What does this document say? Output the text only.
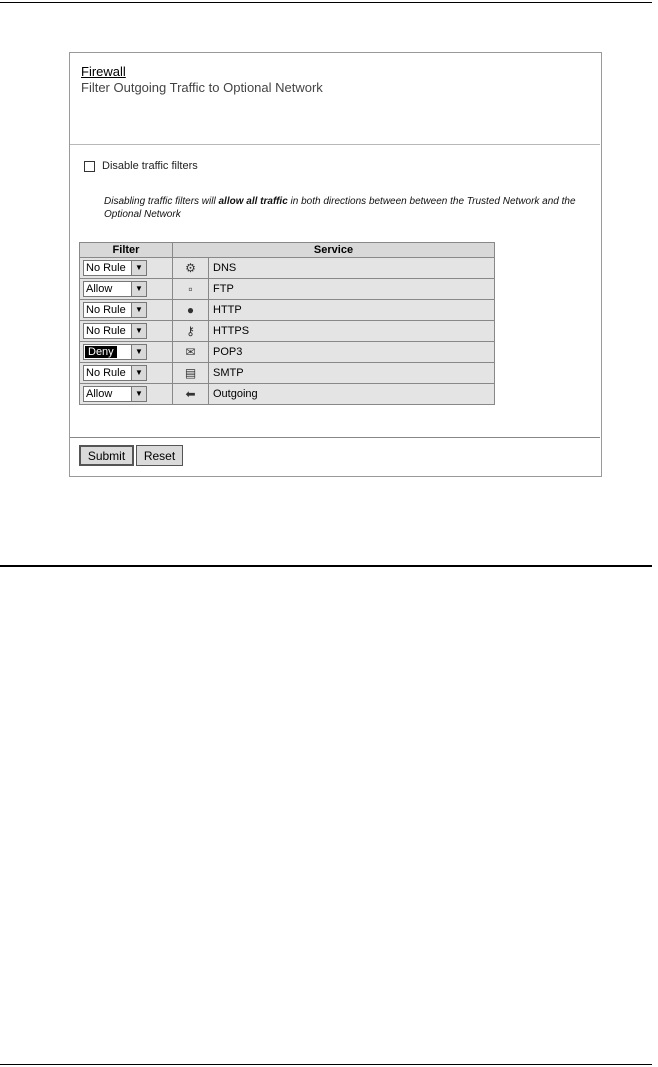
Firewall
Filter Outgoing Traffic to Optional Network
Disable traffic filters
Disabling traffic filters will allow all traffic in both directions between between the Trusted Network and the Optional Network
Filter	Service	

No Rule ▼	⚙	DNS

Allow ▼	▫	FTP

No Rule ▼	●	HTTP

No Rule ▼	⚷	HTTPS

Deny ▼	✉	POP3

No Rule ▼	▤	SMTP

Allow ▼	⬅	Outgoing
Submit	Reset
